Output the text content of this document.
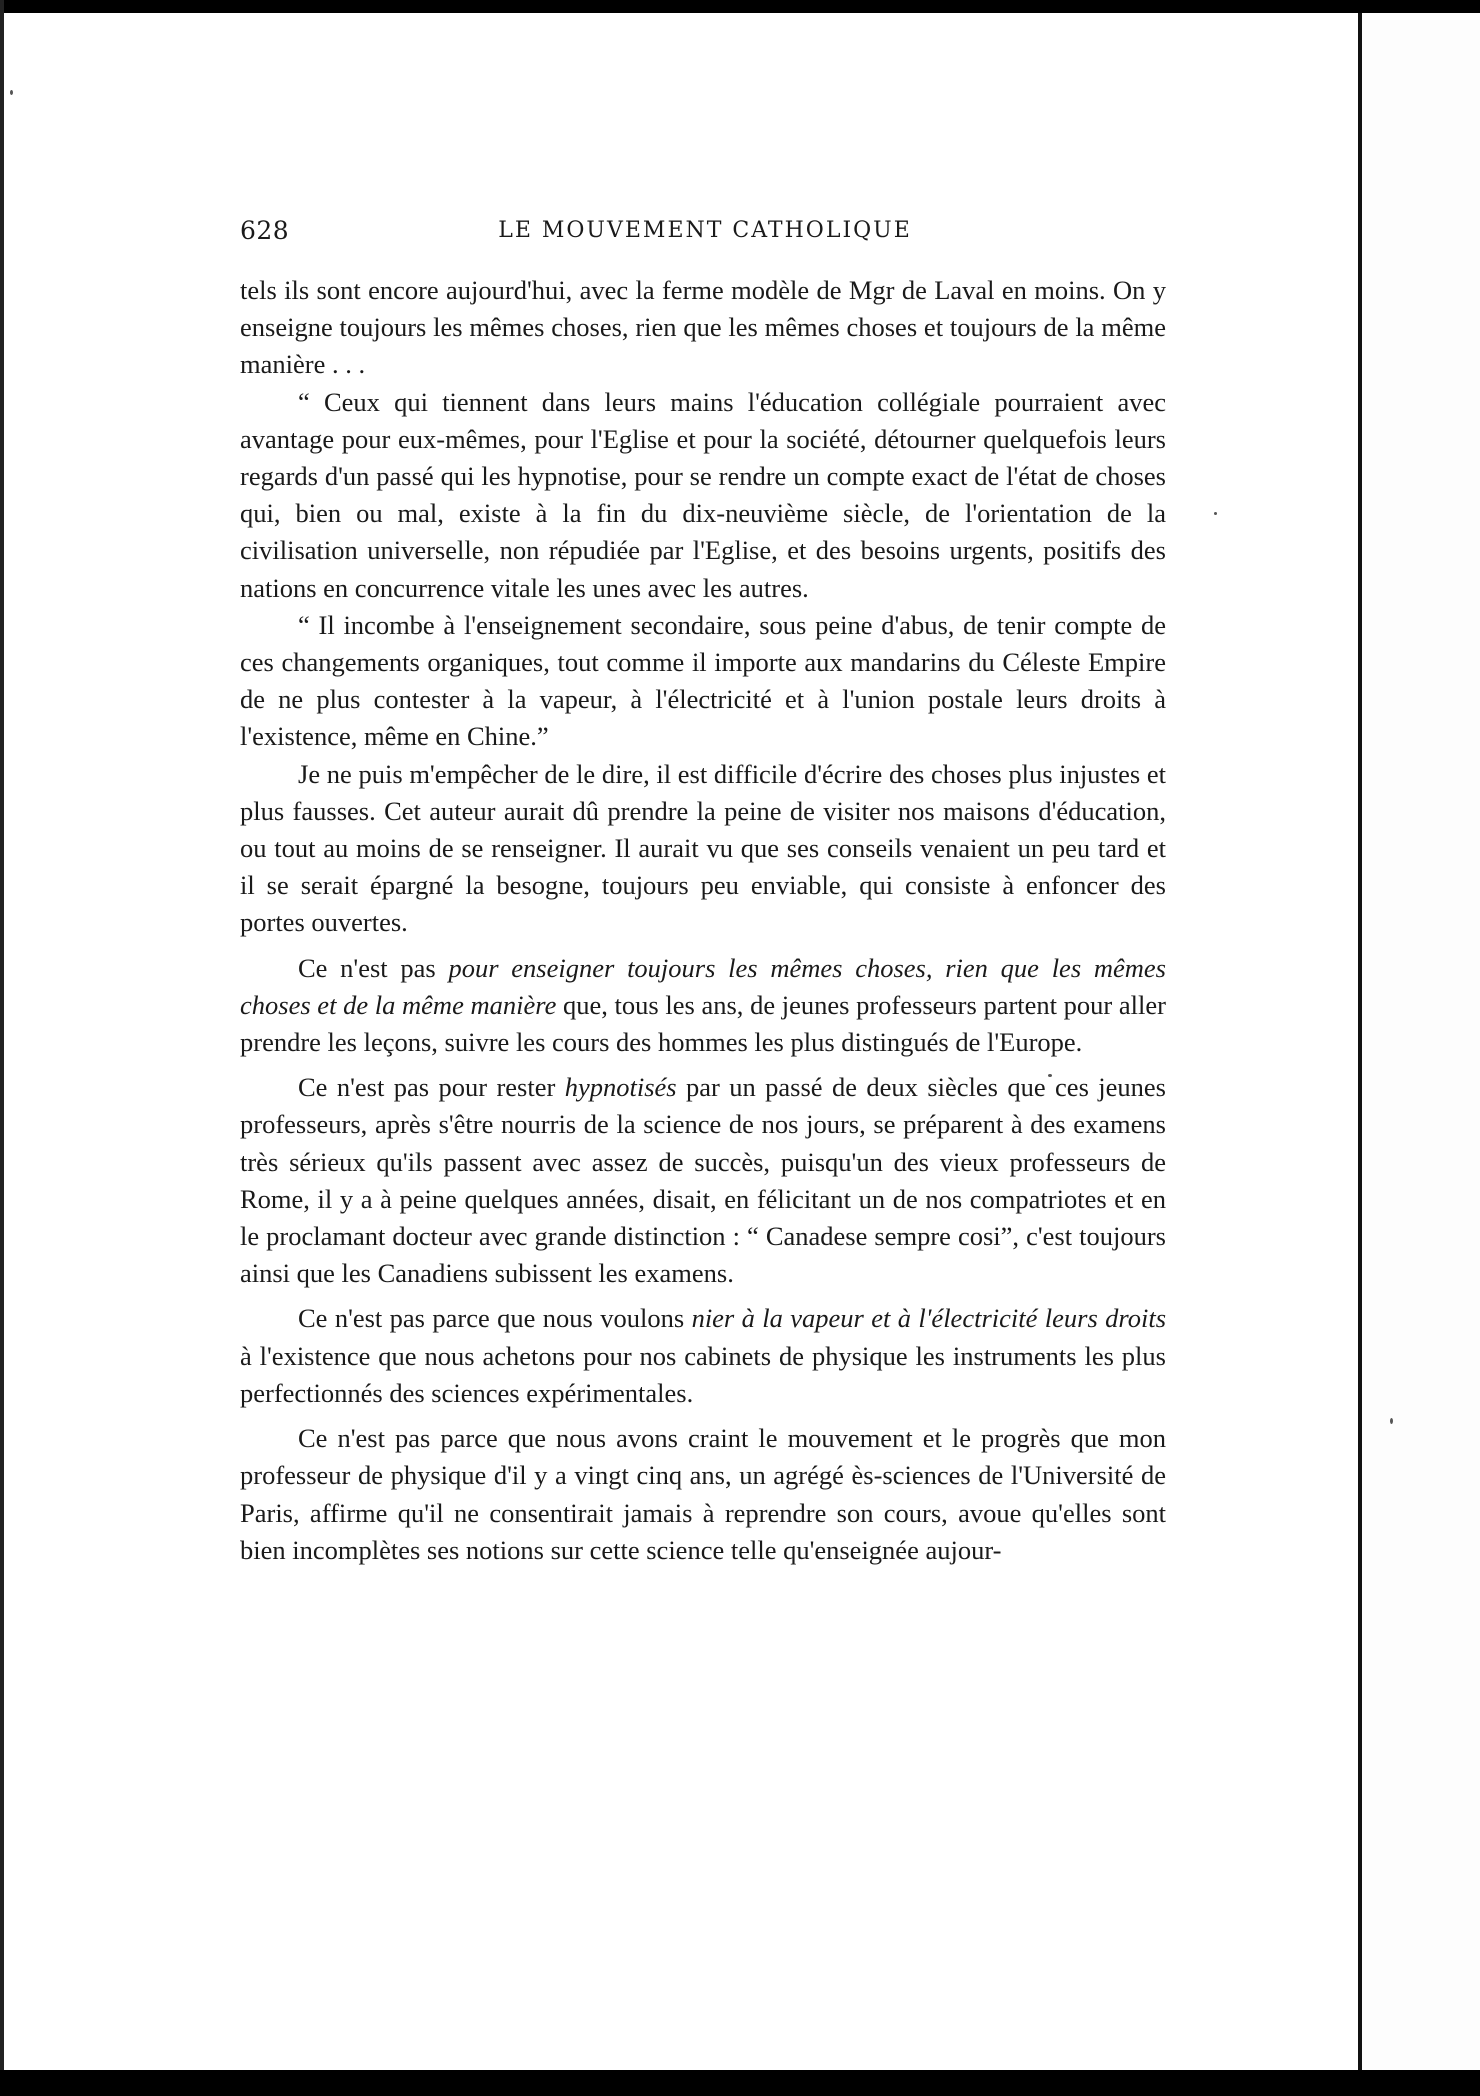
628	LE MOUVEMENT CATHOLIQUE

tels ils sont encore aujourd'hui, avec la ferme modèle de Mgr de Laval en moins. On y enseigne toujours les mêmes choses, rien que les mêmes choses et toujours de la même manière . . .

“ Ceux qui tiennent dans leurs mains l'éducation collégiale pourraient avec avantage pour eux-mêmes, pour l'Eglise et pour la société, détourner quelquefois leurs regards d'un passé qui les hypnotise, pour se rendre un compte exact de l'état de choses qui, bien ou mal, existe à la fin du dix-neuvième siècle, de l'orientation de la civilisation universelle, non répudiée par l'Eglise, et des besoins urgents, positifs des nations en concurrence vitale les unes avec les autres.

“ Il incombe à l'enseignement secondaire, sous peine d'abus, de tenir compte de ces changements organiques, tout comme il importe aux mandarins du Céleste Empire de ne plus contester à la vapeur, à l'électricité et à l'union postale leurs droits à l'existence, même en Chine.”

Je ne puis m'empêcher de le dire, il est difficile d'écrire des choses plus injustes et plus fausses. Cet auteur aurait dû prendre la peine de visiter nos maisons d'éducation, ou tout au moins de se renseigner. Il aurait vu que ses conseils venaient un peu tard et il se serait épargné la besogne, toujours peu enviable, qui consiste à enfoncer des portes ouvertes.

Ce n'est pas pour enseigner toujours les mêmes choses, rien que les mêmes choses et de la même manière que, tous les ans, de jeunes professeurs partent pour aller prendre les leçons, suivre les cours des hommes les plus distingués de l'Europe.

Ce n'est pas pour rester hypnotisés par un passé de deux siècles que ces jeunes professeurs, après s'être nourris de la science de nos jours, se préparent à des examens très sérieux qu'ils passent avec assez de succès, puisqu'un des vieux professeurs de Rome, il y a à peine quelques années, disait, en félicitant un de nos compatriotes et en le proclamant docteur avec grande distinction : “ Canadese sempre cosi”, c'est toujours ainsi que les Canadiens subissent les examens.

Ce n'est pas parce que nous voulons nier à la vapeur et à l'électricité leurs droits à l'existence que nous achetons pour nos cabinets de physique les instruments les plus perfectionnés des sciences expérimentales.

Ce n'est pas parce que nous avons craint le mouvement et le progrès que mon professeur de physique d'il y a vingt cinq ans, un agrégé ès-sciences de l'Université de Paris, affirme qu'il ne consentirait jamais à reprendre son cours, avoue qu'elles sont bien incomplètes ses notions sur cette science telle qu'enseignée aujour-
